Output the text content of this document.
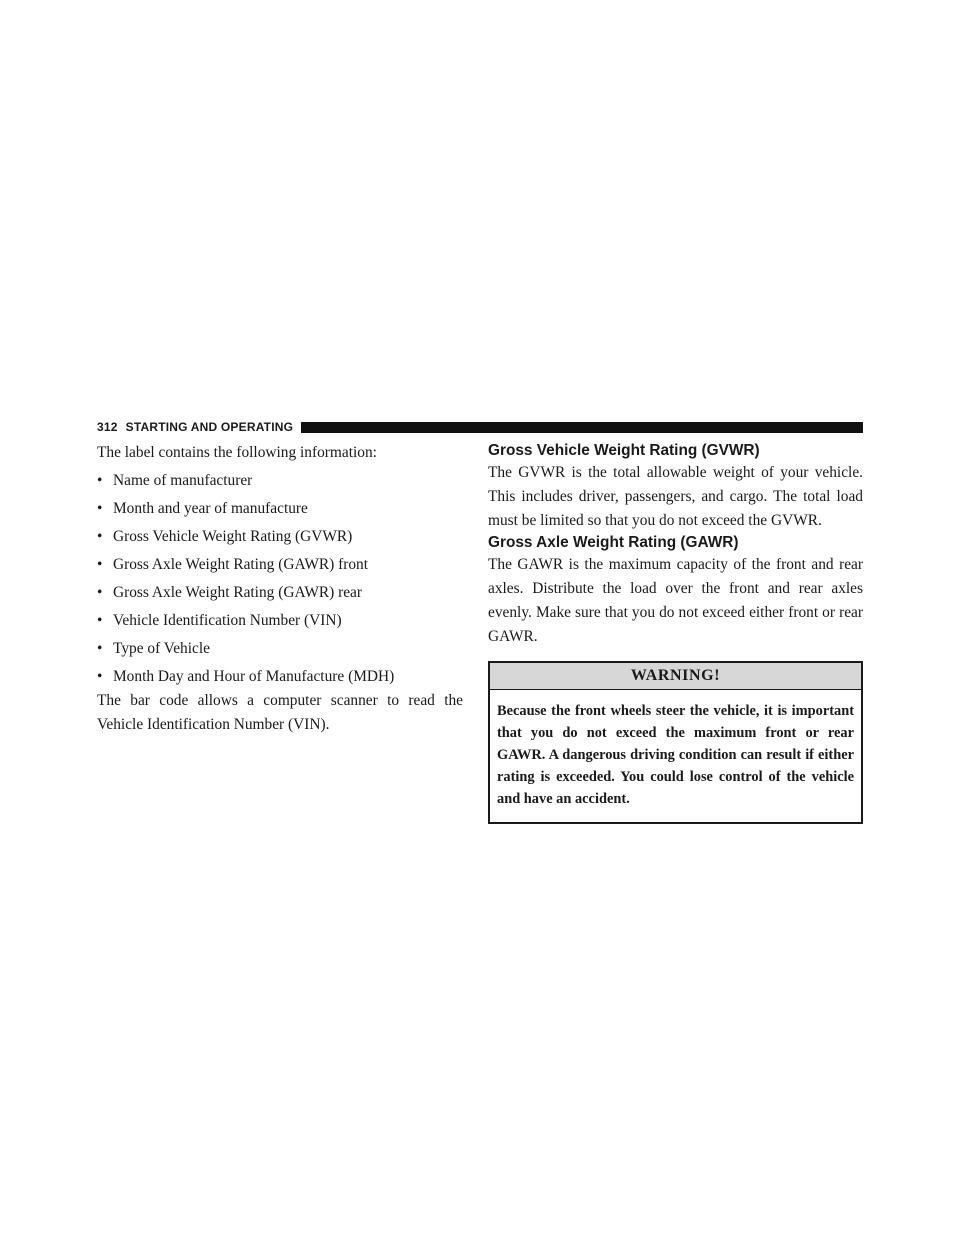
312 STARTING AND OPERATING

The label contains the following information:

• Name of manufacturer
• Month and year of manufacture
• Gross Vehicle Weight Rating (GVWR)
• Gross Axle Weight Rating (GAWR) front
• Gross Axle Weight Rating (GAWR) rear
• Vehicle Identification Number (VIN)
• Type of Vehicle
• Month Day and Hour of Manufacture (MDH)

The bar code allows a computer scanner to read the Vehicle Identification Number (VIN).

Gross Vehicle Weight Rating (GVWR)

The GVWR is the total allowable weight of your vehicle. This includes driver, passengers, and cargo. The total load must be limited so that you do not exceed the GVWR.

Gross Axle Weight Rating (GAWR)

The GAWR is the maximum capacity of the front and rear axles. Distribute the load over the front and rear axles evenly. Make sure that you do not exceed either front or rear GAWR.

WARNING!
Because the front wheels steer the vehicle, it is important that you do not exceed the maximum front or rear GAWR. A dangerous driving condition can result if either rating is exceeded. You could lose control of the vehicle and have an accident.
